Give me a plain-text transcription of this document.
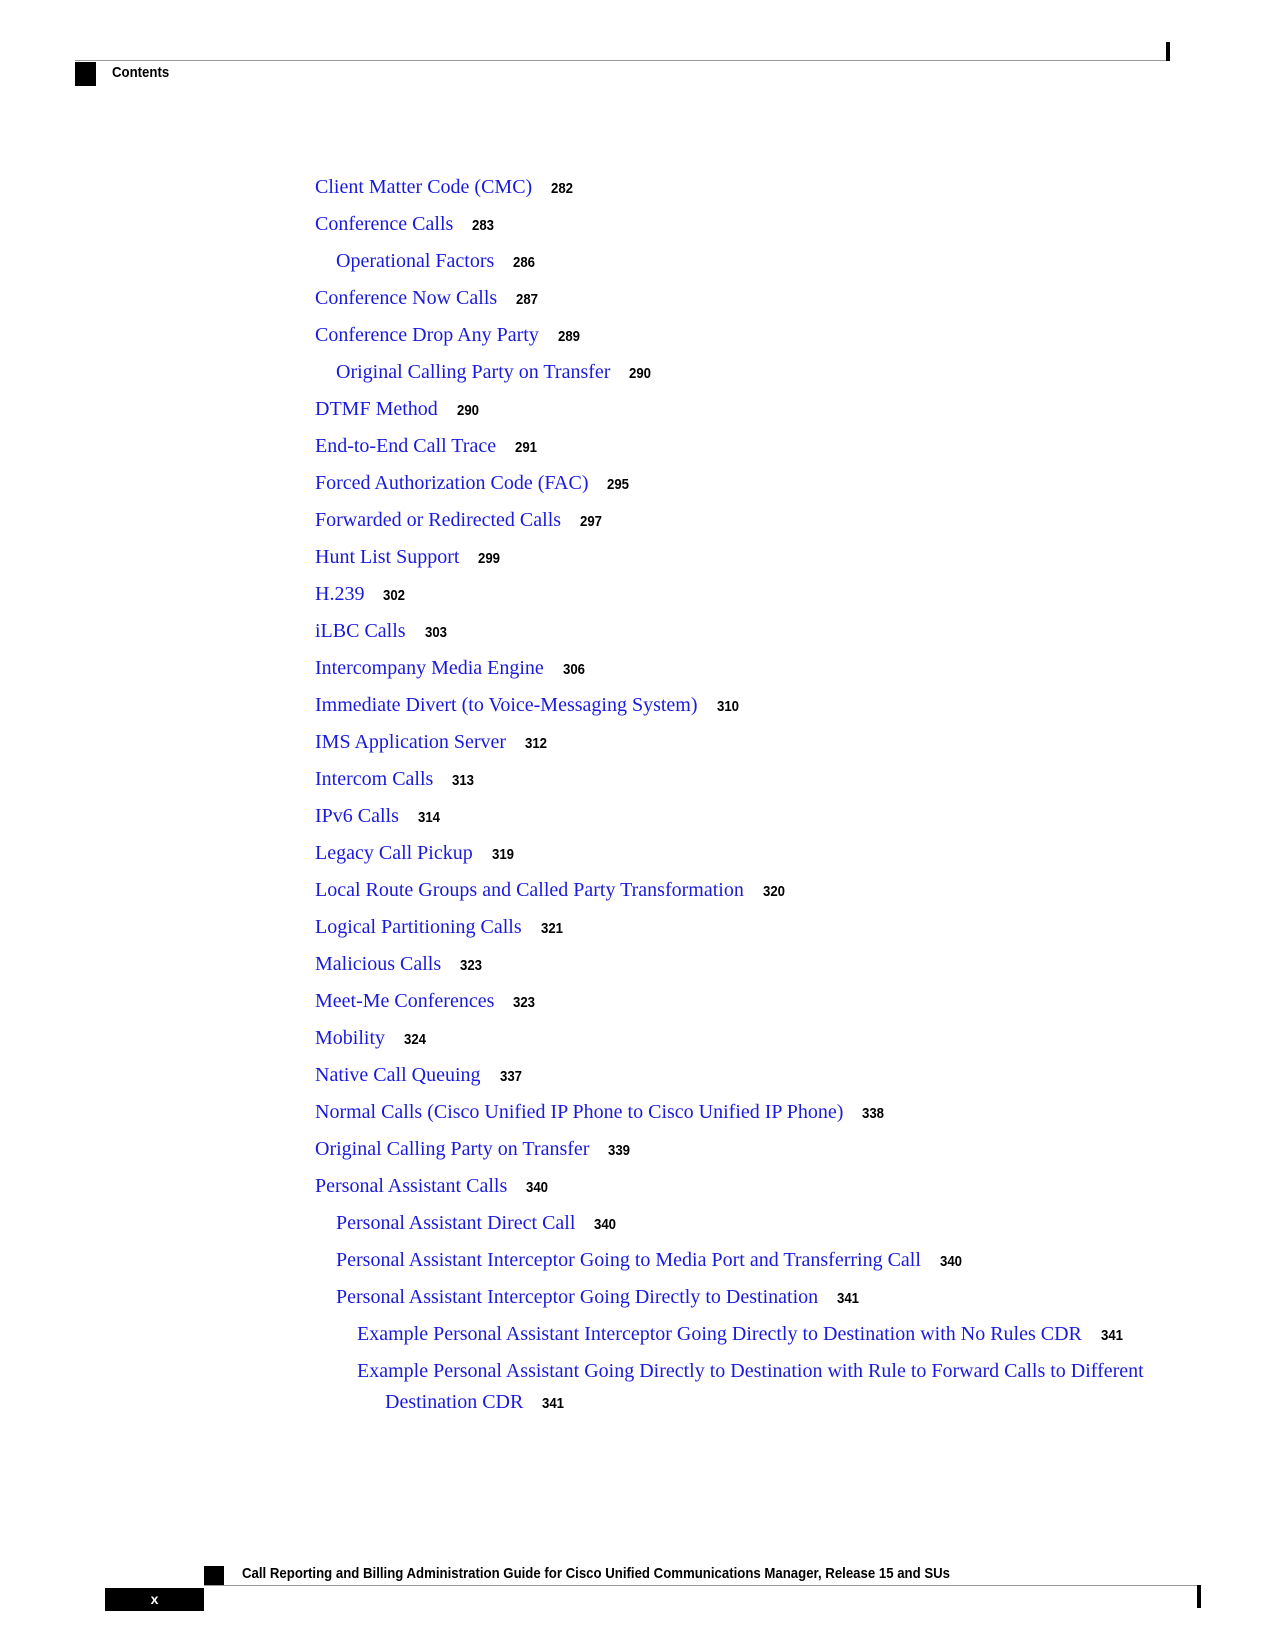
Contents
Client Matter Code (CMC) 282
Conference Calls 283
Operational Factors 286
Conference Now Calls 287
Conference Drop Any Party 289
Original Calling Party on Transfer 290
DTMF Method 290
End-to-End Call Trace 291
Forced Authorization Code (FAC) 295
Forwarded or Redirected Calls 297
Hunt List Support 299
H.239 302
iLBC Calls 303
Intercompany Media Engine 306
Immediate Divert (to Voice-Messaging System) 310
IMS Application Server 312
Intercom Calls 313
IPv6 Calls 314
Legacy Call Pickup 319
Local Route Groups and Called Party Transformation 320
Logical Partitioning Calls 321
Malicious Calls 323
Meet-Me Conferences 323
Mobility 324
Native Call Queuing 337
Normal Calls (Cisco Unified IP Phone to Cisco Unified IP Phone) 338
Original Calling Party on Transfer 339
Personal Assistant Calls 340
Personal Assistant Direct Call 340
Personal Assistant Interceptor Going to Media Port and Transferring Call 340
Personal Assistant Interceptor Going Directly to Destination 341
Example Personal Assistant Interceptor Going Directly to Destination with No Rules CDR 341
Example Personal Assistant Going Directly to Destination with Rule to Forward Calls to Different
Destination CDR 341
Call Reporting and Billing Administration Guide for Cisco Unified Communications Manager, Release 15 and SUs
x
